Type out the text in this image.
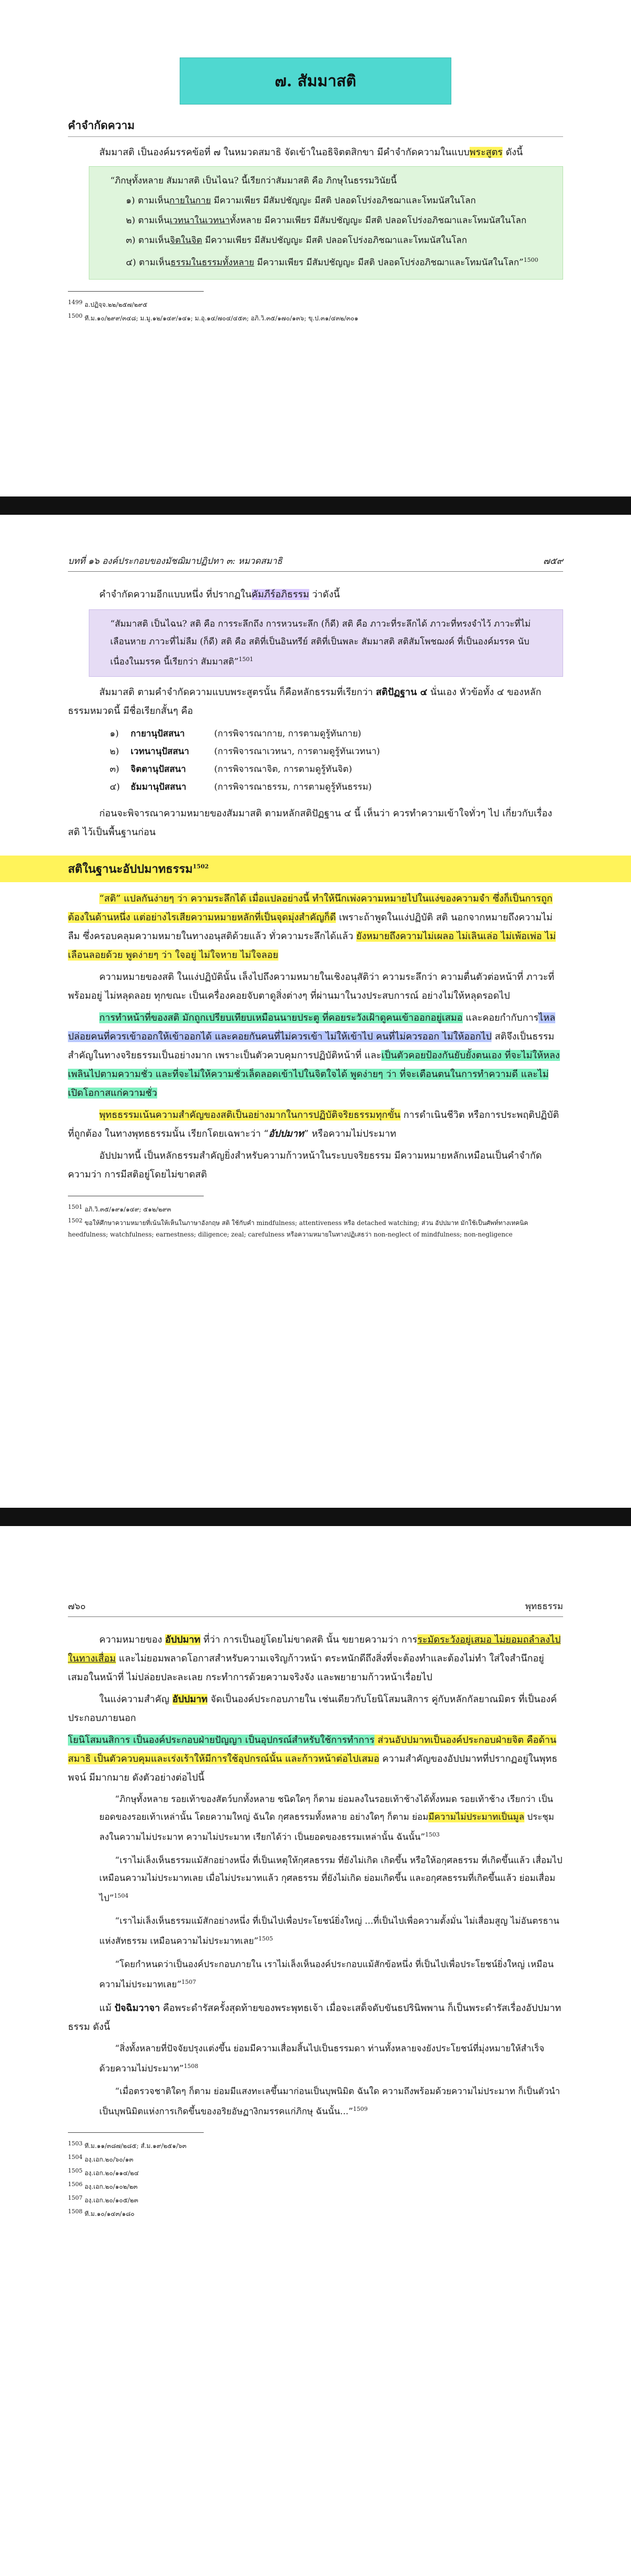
๗. สัมมาสติ
คำจำกัดความ

สัมมาสติ เป็นองค์มรรคข้อที่ ๗ ในหมวดสมาธิ จัดเข้าในอธิจิตตสิกขา มีคำจำกัดความในแบบพระสูตร ดังนี้

“ภิกษุทั้งหลาย สัมมาสติ เป็นไฉน? นี้เรียกว่าสัมมาสติ คือ ภิกษุในธรรมวินัยนี้
๑) ตามเห็นกายในกาย มีความเพียร มีสัมปชัญญะ มีสติ ปลอดโปร่งอภิชฌาและโทมนัสในโลก
๒) ตามเห็นเวทนาในเวทนาทั้งหลาย มีความเพียร มีสัมปชัญญะ มีสติ ปลอดโปร่งอภิชฌาและโทมนัสในโลก
๓) ตามเห็นจิตในจิต มีความเพียร มีสัมปชัญญะ มีสติ ปลอดโปร่งอภิชฌาและโทมนัสในโลก
๔) ตามเห็นธรรมในธรรมทั้งหลาย มีความเพียร มีสัมปชัญญะ มีสติ ปลอดโปร่งอภิชฌาและโทมนัสในโลก”$^{1500}$
$^{1499}$ อ.ปฏิจฺจ.๒๒/๒๕๗/๒๙๕
$^{1500}$ ที.ม.๑๐/๒๙๙/๓๔๘; ม.มู.๑๒/๑๔๙/๑๔๑; ม.อุ.๑๔/๗๐๔/๔๕๓; อภิ.วิ.๓๕/๑๗๐/๑๓๖; ขุ.ป.๓๑/๔๓๒/๓๐๑
บทที่ ๑๖ องค์ประกอบของมัชฌิมาปฏิปทา ๓: หมวดสมาธิ	๗๕๙

คำจำกัดความอีกแบบหนึ่ง ที่ปรากฏในคัมภีร์อภิธรรม ว่าดังนี้

“สัมมาสติ เป็นไฉน? สติ คือ การระลึกถึง การหวนระลึก (ก็ดี) สติ คือ ภาวะที่ระลึกได้ ภาวะที่ทรงจำไว้ ภาวะที่ไม่เลือนหาย ภาวะที่ไม่ลืม (ก็ดี) สติ คือ สติที่เป็นอินทรีย์ สติที่เป็นพละ สัมมาสติ สติสัมโพชฌงค์ ที่เป็นองค์มรรค นับเนื่องในมรรค นี้เรียกว่า สัมมาสติ”$^{1501}$

สัมมาสติ ตามคำจำกัดความแบบพระสูตรนั้น ก็คือหลักธรรมที่เรียกว่า สติปัฏฐาน ๔ นั่นเอง หัวข้อทั้ง ๔ ของหลักธรรมหมวดนี้ มีชื่อเรียกสั้นๆ คือ

๑)	กายานุปัสสนา	(การพิจารณากาย, การตามดูรู้ทันกาย)
๒)	เวทนานุปัสสนา	(การพิจารณาเวทนา, การตามดูรู้ทันเวทนา)
๓)	จิตตานุปัสสนา	(การพิจารณาจิต, การตามดูรู้ทันจิต)
๔)	ธัมมานุปัสสนา	(การพิจารณาธรรม, การตามดูรู้ทันธรรม)

ก่อนจะพิจารณาความหมายของสัมมาสติ ตามหลักสติปัฏฐาน ๔ นี้ เห็นว่า ควรทำความเข้าใจทั่วๆ ไป เกี่ยวกับเรื่องสติ ไว้เป็นพื้นฐานก่อน

สติในฐานะอัปปมาทธรรม$^{1502}$

“สติ” แปลกันง่ายๆ ว่า ความระลึกได้ เมื่อแปลอย่างนี้ ทำให้นึกเพ่งความหมายไปในแง่ของความจำ ซึ่งก็เป็นการถูกต้องในด้านหนึ่ง แต่อย่างไรเสียความหมายหลักที่เป็นจุดมุ่งสำคัญก็ดี เพราะถ้าพูดในแง่ปฏิบัติ สติ นอกจากหมายถึงความไม่ลืม ซึ่งครอบคลุมความหมายในทางอนุสติด้วยแล้ว ทั่วความระลึกได้แล้ว ยังหมายถึงความไม่เผลอ ไม่เลินเล่อ ไม่เพ้อเพ่อ ไม่เลือนลอยด้วย พูดง่ายๆ ว่า ใจอยู่ ไม่ใจหาย ไม่ใจลอย

ความหมายของสติ ในแง่ปฏิบัตินั้น เล็งไปถึงความหมายในเชิงอนุสัติว่า ความระลึกว่า ความตื่นตัวต่อหน้าที่ ภาวะที่พร้อมอยู่ ไม่หลุดลอย ทุกขณะ เป็นเครื่องคอยจับตาดูสิ่งต่างๆ ที่ผ่านมาในวงประสบการณ์ อย่างไม่ให้หลุดรอดไป

การทำหน้าที่ของสติ มักถูกเปรียบเทียบเหมือนนายประตู ที่คอยระวังเฝ้าดูคนเข้าออกอยู่เสมอ และคอยกำกับการไหลปล่อยคนที่ควรเข้าออกให้เข้าออกได้ และคอยกันคนที่ไม่ควรเข้า ไม่ให้เข้าไป คนที่ไม่ควรออก ไม่ให้ออกไป สติจึงเป็นธรรมสำคัญในทางจริยธรรมเป็นอย่างมาก เพราะเป็นตัวควบคุมการปฏิบัติหน้าที่ และเป็นตัวคอยป้องกันยับยั้งตนเอง ที่จะไม่ให้หลงเพลินไปตามความชั่ว และที่จะไม่ให้ความชั่วเล็ดลอดเข้าไปในจิตใจได้ พูดง่ายๆ ว่า ที่จะเตือนตนในการทำความดี และไม่เปิดโอกาสแก่ความชั่ว

พุทธธรรมเน้นความสำคัญของสติเป็นอย่างมากในการปฏิบัติจริยธรรมทุกขั้น การดำเนินชีวิต หรือการประพฤติปฏิบัติที่ถูกต้อง ในทางพุทธธรรมนั้น เรียกโดยเฉพาะว่า “อัปปมาท” หรือความไม่ประมาท

อัปปมาทนี้ เป็นหลักธรรมสำคัญยิ่งสำหรับความก้าวหน้าในระบบจริยธรรม มีความหมายหลักเหมือนเป็นคำจำกัดความว่า การมีสติอยู่โดยไม่ขาดสติ

$^{1501}$ อภิ.วิ.๓๕/๑๙๑/๑๔๙; ๕๑๒/๒๙๓
$^{1502}$ ขอให้ศึกษาความหมายที่เน้นให้เห็นในภาษาอังกฤษ สติ ใช้กับคำ mindfulness; attentiveness หรือ detached watching; ส่วน อัปปมาท มักใช้เป็นศัพท์ทางเทคนิค heedfulness; watchfulness; earnestness; diligence; zeal; carefulness หรือความหมายในทางปฏิเสธว่า non-neglect of mindfulness; non-negligence
๗๖๐	พุทธธรรม

ความหมายของ อัปปมาท ที่ว่า การเป็นอยู่โดยไม่ขาดสติ นั้น ขยายความว่า การระมัดระวังอยู่เสมอ ไม่ยอมถลำลงไปในทางเสื่อม และไม่ยอมพลาดโอกาสสำหรับความเจริญก้าวหน้า ตระหนักดีถึงสิ่งที่จะต้องทำและต้องไม่ทำ ใส่ใจสำนึกอยู่เสมอในหน้าที่ ไม่ปล่อยปละละเลย กระทำการด้วยความจริงจัง และพยายามก้าวหน้าเรื่อยไป

ในแง่ความสำคัญ อัปปมาท จัดเป็นองค์ประกอบภายใน เช่นเดียวกับโยนิโสมนสิการ คู่กับหลักกัลยาณมิตร ที่เป็นองค์ประกอบภายนอก

โยนิโสมนสิการ เป็นองค์ประกอบฝ่ายปัญญา เป็นอุปกรณ์สำหรับใช้การทำการ ส่วนอัปปมาทเป็นองค์ประกอบฝ่ายจิต คือด้านสมาธิ เป็นตัวควบคุมและเร่งเร้าให้มีการใช้อุปกรณ์นั้น และก้าวหน้าต่อไปเสมอ ความสำคัญของอัปปมาทที่ปรากฏอยู่ในพุทธพจน์ มีมากมาย ดังตัวอย่างต่อไปนี้

“ภิกษุทั้งหลาย รอยเท้าของสัตว์บกทั้งหลาย ชนิดใดๆ ก็ตาม ย่อมลงในรอยเท้าช้างได้ทั้งหมด รอยเท้าช้าง เรียกว่า เป็นยอดของรอยเท้าเหล่านั้น โดยความใหญ่ ฉันใด กุศลธรรมทั้งหลาย อย่างใดๆ ก็ตาม ย่อมมีความไม่ประมาทเป็นมูล ประชุมลงในความไม่ประมาท ความไม่ประมาท เรียกได้ว่า เป็นยอดของธรรมเหล่านั้น ฉันนั้น”$^{1503}$

“เราไม่เล็งเห็นธรรมแม้สักอย่างหนึ่ง ที่เป็นเหตุให้กุศลธรรม ที่ยังไม่เกิด เกิดขึ้น หรือให้อกุศลธรรม ที่เกิดขึ้นแล้ว เสื่อมไป เหมือนความไม่ประมาทเลย เมื่อไม่ประมาทแล้ว กุศลธรรม ที่ยังไม่เกิด ย่อมเกิดขึ้น และอกุศลธรรมที่เกิดขึ้นแล้ว ย่อมเสื่อมไป”$^{1504}$

“เราไม่เล็งเห็นธรรมแม้สักอย่างหนึ่ง ที่เป็นไปเพื่อประโยชน์ยิ่งใหญ่ ...ที่เป็นไปเพื่อความตั้งมั่น ไม่เสื่อมสูญ ไม่อันตรธานแห่งสัทธรรม เหมือนความไม่ประมาทเลย”$^{1505}$

“โดยกำหนดว่าเป็นองค์ประกอบภายใน เราไม่เล็งเห็นองค์ประกอบแม้สักข้อหนึ่ง ที่เป็นไปเพื่อประโยชน์ยิ่งใหญ่ เหมือนความไม่ประมาทเลย”$^{1507}$

แม้ ปัจฉิมวาจา คือพระดำรัสครั้งสุดท้ายของพระพุทธเจ้า เมื่อจะเสด็จดับขันธปรินิพพาน ก็เป็นพระดำรัสเรื่องอัปปมาทธรรม ดังนี้

“สิ่งทั้งหลายที่ปัจจัยปรุงแต่งขึ้น ย่อมมีความเสื่อมสิ้นไปเป็นธรรมดา ท่านทั้งหลายจงยังประโยชน์ที่มุ่งหมายให้สำเร็จ ด้วยความไม่ประมาท”$^{1508}$

“เมื่อตรวจชาติใดๆ ก็ตาม ย่อมมีแสงทะเลขึ้นมาก่อนเป็นบุพนิมิต ฉันใด ความถึงพร้อมด้วยความไม่ประมาท ก็เป็นตัวนำ เป็นบุพนิมิตแห่งการเกิดขึ้นของอริยอัษฏางิกมรรคแก่ภิกษุ ฉันนั้น...”$^{1509}$

$^{1503}$ ที.ม.๑๑/๓๘๗/๒๘๕; สํ.ม.๑๙/๒๕๑/๖๓
$^{1504}$ องฺ.เอก.๒๐/๖๐/๑๓
$^{1505}$ องฺ.เอก.๒๐/๑๑๔/๒๔
$^{1506}$ องฺ.เอก.๒๐/๑๐๒/๒๓
$^{1507}$ องฺ.เอก.๒๐/๑๐๕/๒๓
$^{1508}$ ที.ม.๑๐/๑๔๓/๑๘๐
